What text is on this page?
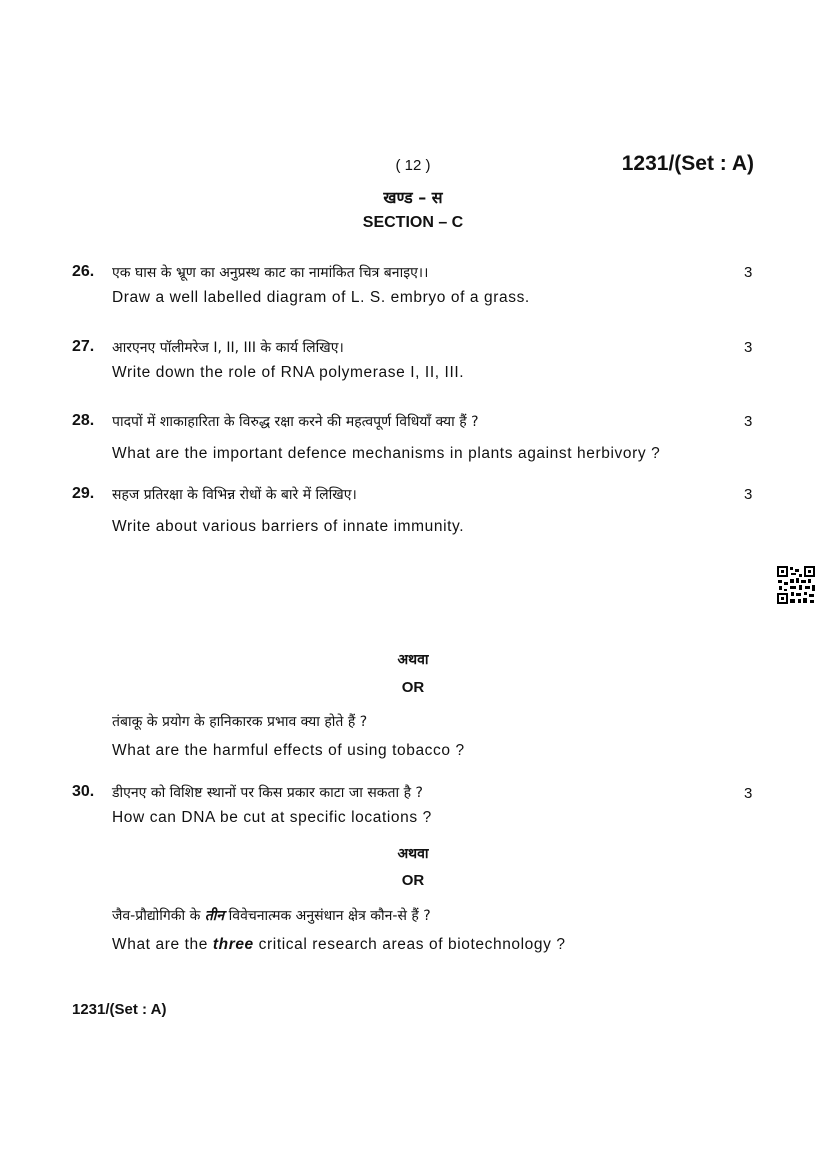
( 12 )	1231/(Set : A)
खण्ड – स
SECTION – C
26. एक घास के भ्रूण का अनुप्रस्थ काट का नामांकित चित्र बनाइए।।	3
Draw a well labelled diagram of L. S. embryo of a grass.
27. आरएनए पॉलीमरेज I, II, III के कार्य लिखिए।	3
Write down the role of RNA polymerase I, II, III.
28. पादपों में शाकाहारिता के विरुद्ध रक्षा करने की महत्वपूर्ण विधियाँ क्या हैं ?	3
What are the important defence mechanisms in plants against herbivory ?
29. सहज प्रतिरक्षा के विभिन्न रोधों के बारे में लिखिए।	3
Write about various barriers of innate immunity.
अथवा
OR
तंबाकू के प्रयोग के हानिकारक प्रभाव क्या होते हैं ?
What are the harmful effects of using tobacco ?
30. डीएनए को विशिष्ट स्थानों पर किस प्रकार काटा जा सकता है ?	3
How can DNA be cut at specific locations ?
अथवा
OR
जैव-प्रौद्योगिकी के तीन विवेचनात्मक अनुसंधान क्षेत्र कौन-से हैं ?
What are the three critical research areas of biotechnology ?
1231/(Set : A)
